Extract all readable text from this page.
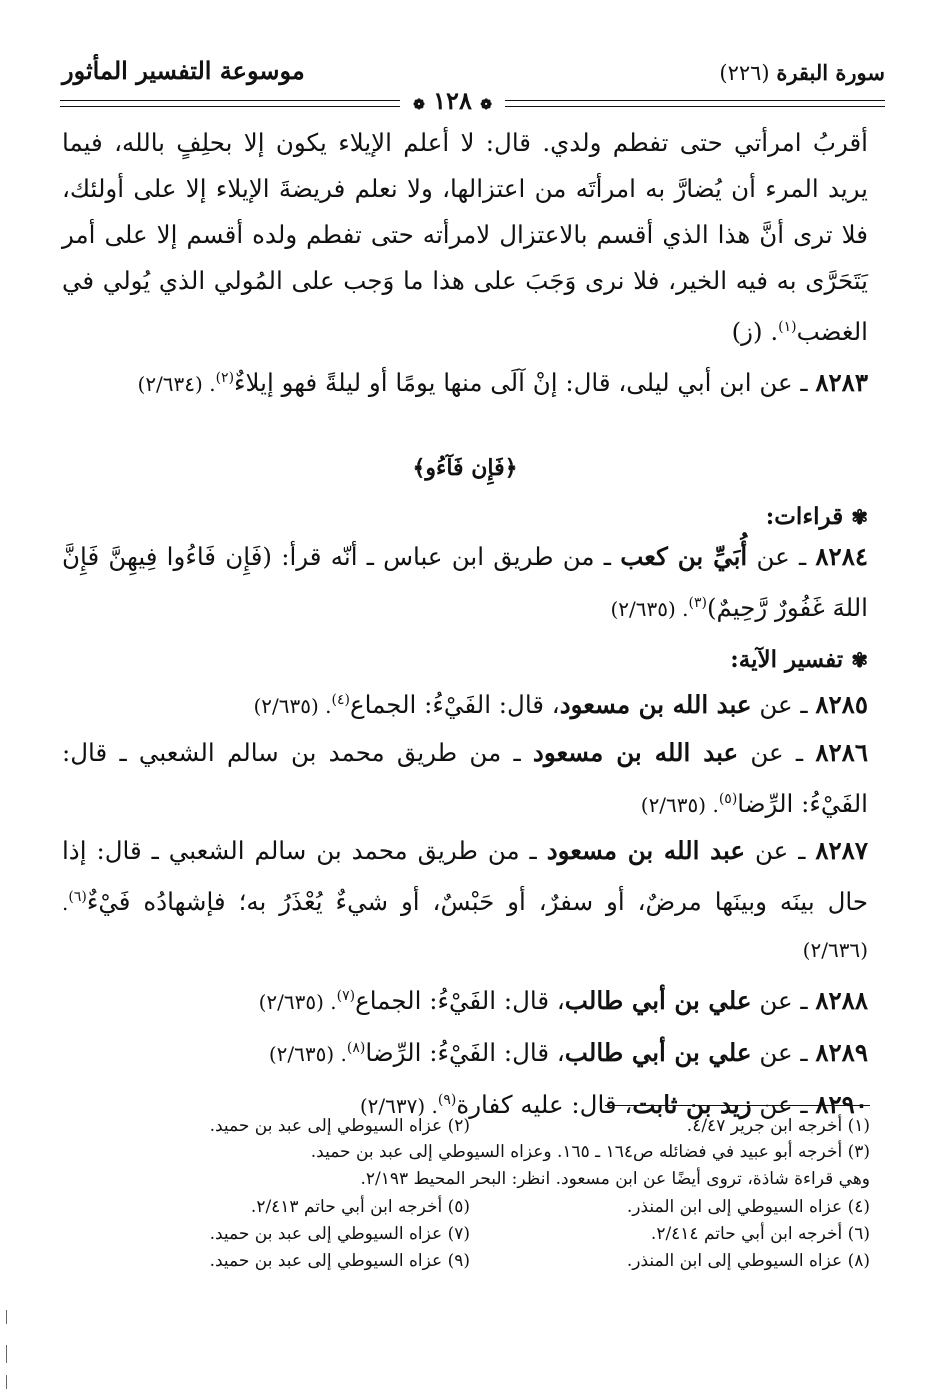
موسوعة التفسير المأثور	سورة البقرة (٢٢٦)
❁ ١٢٨ ❁

أقربُ امرأتي حتى تفطم ولدي. قال: لا أعلم الإيلاء يكون إلا بحلِفٍ بالله، فيما يريد المرء أن يُضارَّ به امرأتَه من اعتزالها، ولا نعلم فريضةَ الإيلاء إلا على أولئك، فلا ترى أنَّ هذا الذي أقسم بالاعتزال لامرأته حتى تفطم ولده أقسم إلا على أمر يَتَحَرَّى به فيه الخير، فلا نرى وَجَبَ على هذا ما وَجب على المُولي الذي يُولي في الغضب$^{(١)}$. (ز)

٨٢٨٣ ـ عن ابن أبي ليلى، قال: إنْ آلَى منها يومًا أو ليلةً فهو إيلاءٌ$^{(٢)}$. (٢/٦٣٤)

﴿فَإِن فَآءُو﴾
✾ قراءات:

٨٢٨٤ ـ عن أُبَيِّ بن كعب ـ من طريق ابن عباس ـ أنّه قرأ: (فَإِن فَاءُوا فِيهِنَّ فَإِنَّ اللهَ غَفُورٌ رَّحِيمٌ)$^{(٣)}$. (٢/٦٣٥)

✾ تفسير الآية:

٨٢٨٥ ـ عن عبد الله بن مسعود، قال: الفَيْءُ: الجماع$^{(٤)}$. (٢/٦٣٥)

٨٢٨٦ ـ عن عبد الله بن مسعود ـ من طريق محمد بن سالم الشعبي ـ قال: الفَيْءُ: الرِّضا$^{(٥)}$. (٢/٦٣٥)

٨٢٨٧ ـ عن عبد الله بن مسعود ـ من طريق محمد بن سالم الشعبي ـ قال: إذا حال بينَه وبينَها مرضٌ، أو سفرٌ، أو حَبْسٌ، أو شيءٌ يُعْذَرُ به؛ فإشهادُه فَيْءٌ$^{(٦)}$. (٢/٦٣٦)

٨٢٨٨ ـ عن علي بن أبي طالب، قال: الفَيْءُ: الجماع$^{(٧)}$. (٢/٦٣٥)

٨٢٨٩ ـ عن علي بن أبي طالب، قال: الفَيْءُ: الرِّضا$^{(٨)}$. (٢/٦٣٥)

٨٢٩٠ ـ عن زيد بن ثابت، قال: عليه كفارة$^{(٩)}$. (٢/٦٣٧)

(١) أخرجه ابن جرير ٤/٤٧.
(٢) عزاه السيوطي إلى عبد بن حميد.
(٣) أخرجه أبو عبيد في فضائله ص١٦٤ ـ ١٦٥. وعزاه السيوطي إلى عبد بن حميد.
وهي قراءة شاذة، تروى أيضًا عن ابن مسعود. انظر: البحر المحيط ٢/١٩٣.
(٤) عزاه السيوطي إلى ابن المنذر.
(٥) أخرجه ابن أبي حاتم ٢/٤١٣.
(٦) أخرجه ابن أبي حاتم ٢/٤١٤.
(٧) عزاه السيوطي إلى عبد بن حميد.
(٨) عزاه السيوطي إلى ابن المنذر.
(٩) عزاه السيوطي إلى عبد بن حميد.
